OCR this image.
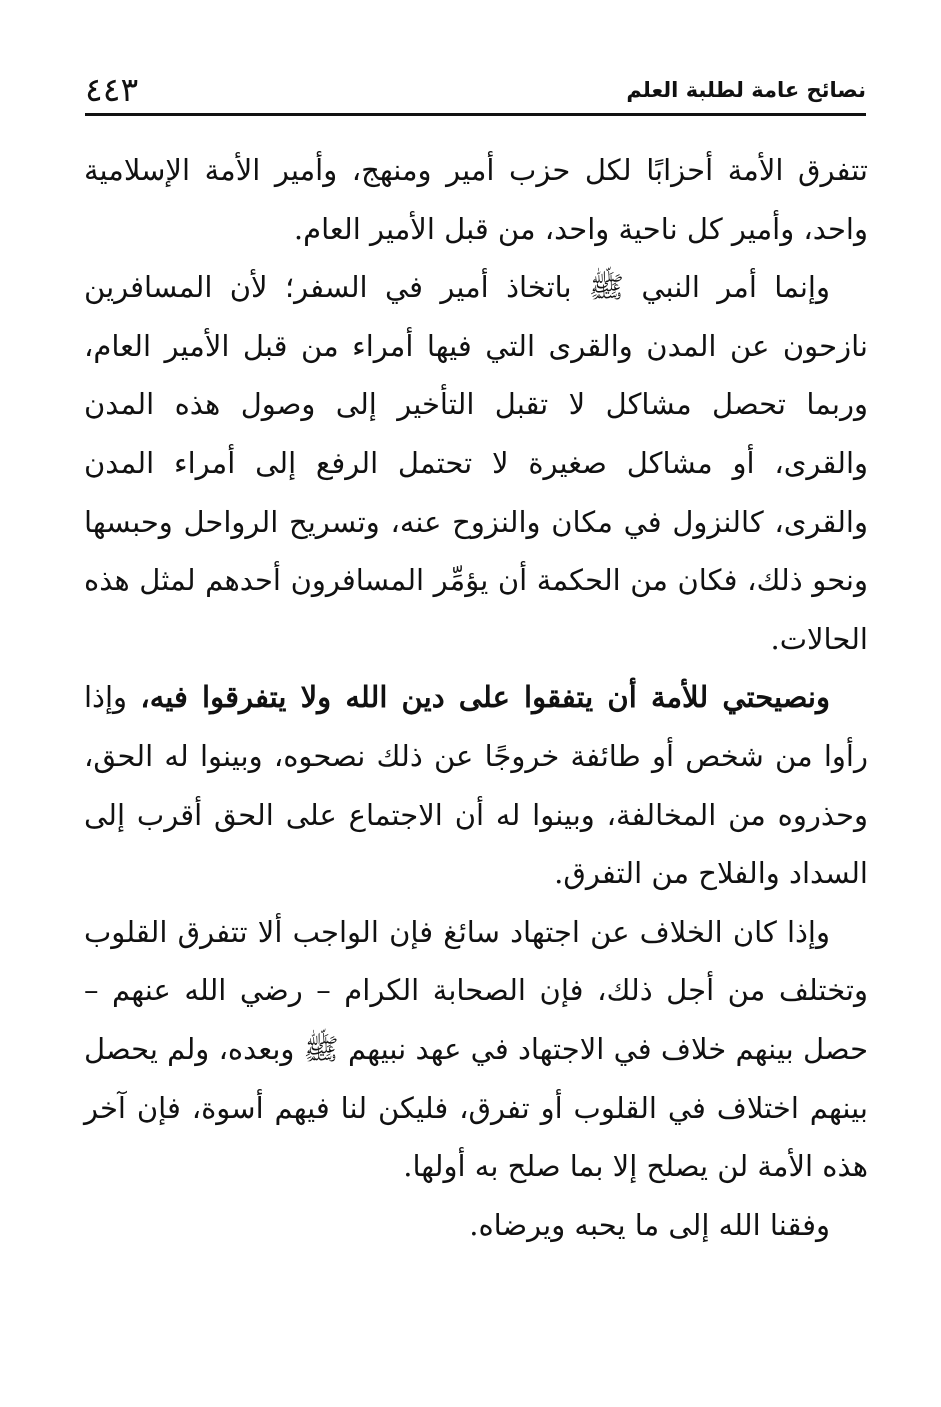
نصائح عامة لطلبة العلم
٤٤٣

تتفرق الأمة أحزابًا لكل حزب أمير ومنهج، وأمير الأمة الإسلامية واحد، وأمير كل ناحية واحد، من قبل الأمير العام.

وإنما أمر النبي ﷺ باتخاذ أمير في السفر؛ لأن المسافرين نازحون عن المدن والقرى التي فيها أمراء من قبل الأمير العام، وربما تحصل مشاكل لا تقبل التأخير إلى وصول هذه المدن والقرى، أو مشاكل صغيرة لا تحتمل الرفع إلى أمراء المدن والقرى، كالنزول في مكان والنزوح عنه، وتسريح الرواحل وحبسها ونحو ذلك، فكان من الحكمة أن يؤمِّر المسافرون أحدهم لمثل هذه الحالات.

ونصيحتي للأمة أن يتفقوا على دين الله ولا يتفرقوا فيه، وإذا رأوا من شخص أو طائفة خروجًا عن ذلك نصحوه، وبينوا له الحق، وحذروه من المخالفة، وبينوا له أن الاجتماع على الحق أقرب إلى السداد والفلاح من التفرق.

وإذا كان الخلاف عن اجتهاد سائغ فإن الواجب ألا تتفرق القلوب وتختلف من أجل ذلك، فإن الصحابة الكرام – رضي الله عنهم – حصل بينهم خلاف في الاجتهاد في عهد نبيهم ﷺ وبعده، ولم يحصل بينهم اختلاف في القلوب أو تفرق، فليكن لنا فيهم أسوة، فإن آخر هذه الأمة لن يصلح إلا بما صلح به أولها.

وفقنا الله إلى ما يحبه ويرضاه.
